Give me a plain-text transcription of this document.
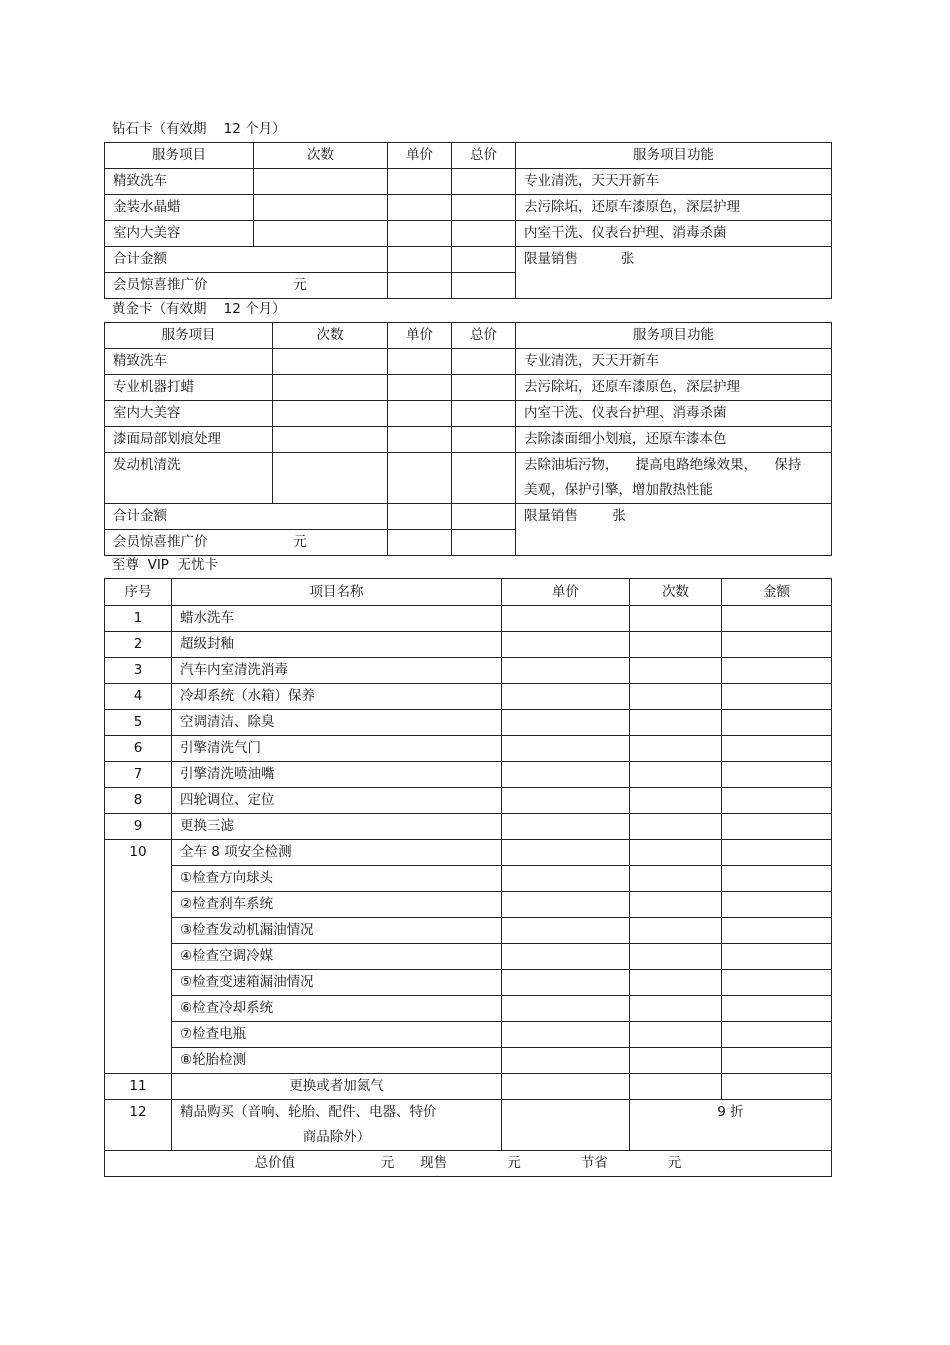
钻石卡（有效期    12 个月）
服务项目	次数	单价	总价	服务项目功能
精致洗车				专业清洗，天天开新车
金装水晶蜡				去污除坧，还原车漆原色，深层护理
室内大美容				内室干洗、仪表台护理、消毒杀菌
合计金额				限量销售          张
会员惊喜推广价                    元				
黄金卡（有效期    12 个月）
服务项目	次数	单价	总价	服务项目功能
精致洗车				专业清洗，天天开新车
专业机器打蜡				去污除坧，还原车漆原色，深层护理
室内大美容				内室干洗、仪表台护理、消毒杀菌
漆面局部划痕处理				去除漆面细小划痕，还原车漆本色
发动机清洗				去除油垢污物，    提高电路绝缘效果，    保持
美观，保护引擎，增加散热性能

合计金额				限量销售        张
会员惊喜推广价                    元				
至尊  VIP  无忧卡
序号	项目名称	单价	次数	金额
1	蜡水洗车			
2	超级封釉			
3	汽车内室清洗消毒			
4	冷却系统（水箱）保养			
5	空调清洁、除臭			
6	引擎清洗气门			
7	引擎清洗喷油嘴			
8	四轮调位、定位			
9	更换三滤			
10	全车 8 项安全检测			
	①检查方向球头			
	②检查刹车系统			
	③检查发动机漏油情况			
	④检查空调冷媒			
	⑤检查变速箱漏油情况			
	⑥检查冷却系统			
	⑦检查电瓶			
	⑧轮胎检测			
11	更换或者加氮气			
12	精品购买（音响、轮胎、配件、电器、特价
商品除外）		9 折	
总价值                    元      现售              元              节省              元				
